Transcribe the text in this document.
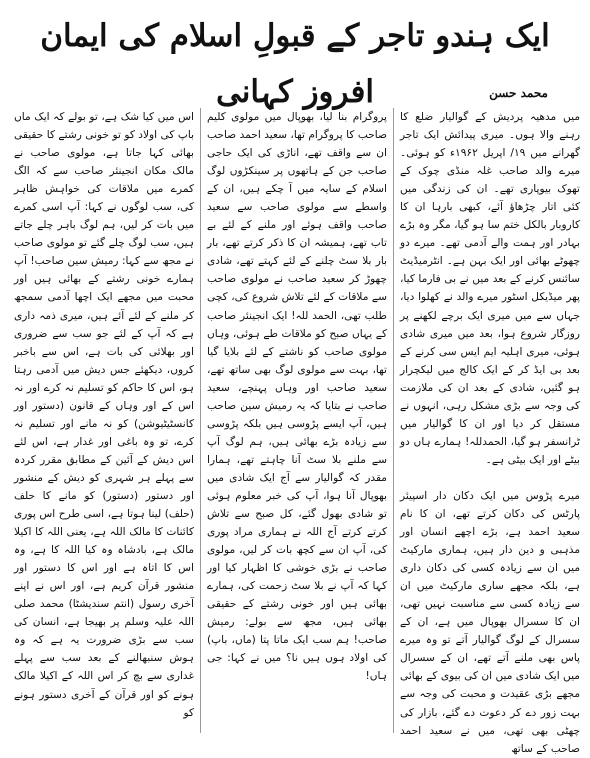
ایک ہندو تاجر کے قبولِ اسلام کی ایمان افروز کہانی	محمد حسن

میں مدھیہ پردیش کے گوالیار ضلع کا رہنے والا ہوں۔ میری پیدائش ایک تاجر گھرانے میں ۱۹/ اپریل ۱۹۶۲ء کو ہوئی۔ میرے والد صاحب غلہ منڈی چوک کے تھوک بیوپاری تھے۔ ان کی زندگی میں کئی اتار چڑھاؤ آئے، کبھی بارہا ان کا کاروبار بالکل ختم سا ہو گیا، مگر وہ بڑے بہادر اور ہمت والے آدمی تھے۔ میرے دو چھوٹے بھائی اور ایک بہن ہے۔ انٹرمیڈیٹ سائنس کرنے کے بعد میں نے بی فارما کیا، پھر میڈیکل اسٹور میرے والد نے کھلوا دیا، جہاں سے میں میری ایک برچے لکھنے پر روزگار شروع ہوا، بعد میں میری شادی ہوئی، میری اہلیہ ایم ایس سی کرنے کے بعد بی ایڈ کر کے ایک کالج میں لیکچرار ہو گئیں، شادی کے بعد ان کی ملازمت کی وجہ سے بڑی مشکل رہی، انہوں نے مستقل کر دیا اور ان کا گوالیار میں ٹرانسفر ہو گیا، الحمدللہ! ہمارے ہاں دو بیٹے اور ایک بیٹی ہے۔

میرے پڑوس میں ایک دکان دار اسپیئر پارٹس کی دکان کرتے تھے، ان کا نام سعید احمد ہے، بڑے اچھے انسان اور مذہبی و دین دار ہیں، ہماری مارکیٹ میں ان سے زیادہ کسی کی دکان داری ہے، بلکہ مجھے ساری مارکیٹ میں ان سے زیادہ کسی سے مناسبت نہیں تھی، ان کا سسرال بھوپال میں ہے، ان کے سسرال کے لوگ گوالیار آتے تو وہ میرے پاس بھی ملنے آتے تھے، ان کے سسرال میں ایک شادی میں ان کی بیوی کے بھائی مجھے بڑی عقیدت و محبت کی وجہ سے بہت زور دے کر دعوت دے گئے، بازار کی چھٹی بھی تھی، میں نے سعید احمد صاحب کے ساتھ

پروگرام بنا لیا، بھوپال میں مولوی کلیم صاحب کا پروگرام تھا، سعید احمد صاحب ان سے واقف تھے، اناڑی کی ایک حاجی صاحب جن کے ہاتھوں پر سینکڑوں لوگ اسلام کے سایہ میں آ چکے ہیں، ان کے واسطے سے مولوی صاحب سے سعید صاحب واقف ہوئے اور ملنے کے لئے بے تاب تھے، ہمیشہ ان کا ذکر کرتے تھے، بار بار بلا سٹ چلنے کے لئے کہتے تھے، شادی چھوڑ کر سعید صاحب نے مولوی صاحب سے ملاقات کے لئے تلاش شروع کی، کچی طلب تھی، الحمد للہ! ایک انجینئر صاحب کے یہاں صبح کو ملاقات طے ہوئی، وہاں مولوی صاحب کو ناشتے کے لئے بلایا گیا تھا، بہت سے مولوی لوگ بھی ساتھ تھے، سعید صاحب اور وہاں پہنچے، سعید صاحب نے بتایا کہ یہ رمیش سین صاحب ہیں، آپ ایسے پڑوسی ہیں بلکہ پڑوسی سے زیادہ بڑے بھائی ہیں، ہم لوگ آپ سے ملنے بلا سٹ آنا چاہتے تھے، ہمارا مقدر کہ گوالیار سے آج ایک شادی میں بھوپال آنا ہوا، آپ کی خبر معلوم ہوئی تو شادی بھول گئے، کل صبح سے تلاش کرتے کرتے آج اللہ نے ہماری مراد پوری کی، آپ ان سے کچھ بات کر لیں، مولوی صاحب نے بڑی خوشی کا اظہار کیا اور کہا کہ آپ نے بلا سٹ زحمت کی، ہمارے بھائی ہیں اور خونی رشتے کے حقیقی بھائی ہیں، مجھ سے بولے: رمیش صاحب! ہم سب ایک ماتا پتا (ماں، باپ) کی اولاد ہوں ہیں نا؟ میں نے کہا: جی ہاں!

اس میں کیا شک ہے، تو بولے کہ ایک ماں باپ کی اولاد کو تو خونی رشتے کا حقیقی بھائی کہا جاتا ہے، مولوی صاحب نے مالک مکان انجینئر صاحب سے کہ الگ کمرے میں ملاقات کی خواہش ظاہر کی، سب لوگوں نے کہا: آپ اسی کمرے میں بات کر لیں، ہم لوگ باہر چلے جاتے ہیں، سب لوگ چلے گئے تو مولوی صاحب نے مجھ سے کہا: رمیش سین صاحب! آپ ہمارے خونی رشتے کے بھائی ہیں اور محبت میں مجھے ایک اچھا آدمی سمجھ کر ملنے کے لئے آئے ہیں، میری ذمہ داری ہے کہ آپ کے لئے جو سب سے ضروری اور بھلائی کی بات ہے، اس سے باخبر کروں، دیکھئے جس دیش میں آدمی رہتا ہو، اس کا حاکم کو تسلیم نہ کرے اور نہ اس کے اور وہاں کے قانون (دستور اور کانسٹیٹیوشن) کو نہ مانے اور تسلیم نہ کرے، تو وہ باغی اور غدار ہے، اس لئے اس دیش کے آئین کے مطابق مقرر کردہ سے پہلے ہر شہری کو دیش کے منشور اور دستور (دستور) کو مانے کا حلف (حلف) لینا ہوتا ہے، اسی طرح اس پوری کائنات کا مالک اللہ ہے، یعنی اللہ کا اکیلا مالک ہے، بادشاہ وہ کیا اللہ کا ہے، وہ اس کا اتاہ ہے اور اس کا دستور اور منشور قرآن کریم ہے، اور اس نے اپنے آخری رسول (انتم سندیشٹا) محمد صلی اللہ علیہ وسلم پر بھیجا ہے، انسان کی سب سے بڑی ضرورت یہ ہے کہ وہ ہوش سنبھالنے کے بعد سب سے پہلے غداری سے بچ کر اس اللہ کے اکیلا مالک ہونے کو اور قرآن کے آخری دستور ہونے کو
